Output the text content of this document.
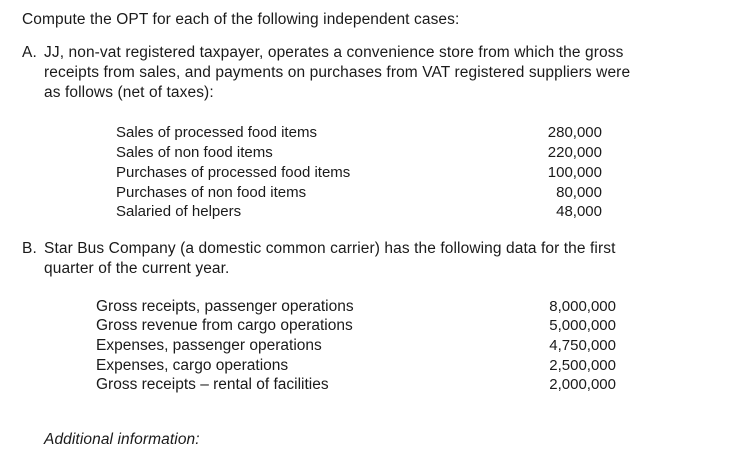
Compute the OPT for each of the following independent cases:
A. JJ, non-vat registered taxpayer, operates a convenience store from which the gross
receipts from sales, and payments on purchases from VAT registered suppliers were
as follows (net of taxes):
Sales of processed food items	280,000
Sales of non food items	220,000
Purchases of processed food items	100,000
Purchases of non food items	80,000
Salaried of helpers	48,000
B. Star Bus Company (a domestic common carrier) has the following data for the first
quarter of the current year.
Gross receipts, passenger operations	8,000,000
Gross revenue from cargo operations	5,000,000
Expenses, passenger operations	4,750,000
Expenses, cargo operations	2,500,000
Gross receipts – rental of facilities	2,000,000
Additional information:
